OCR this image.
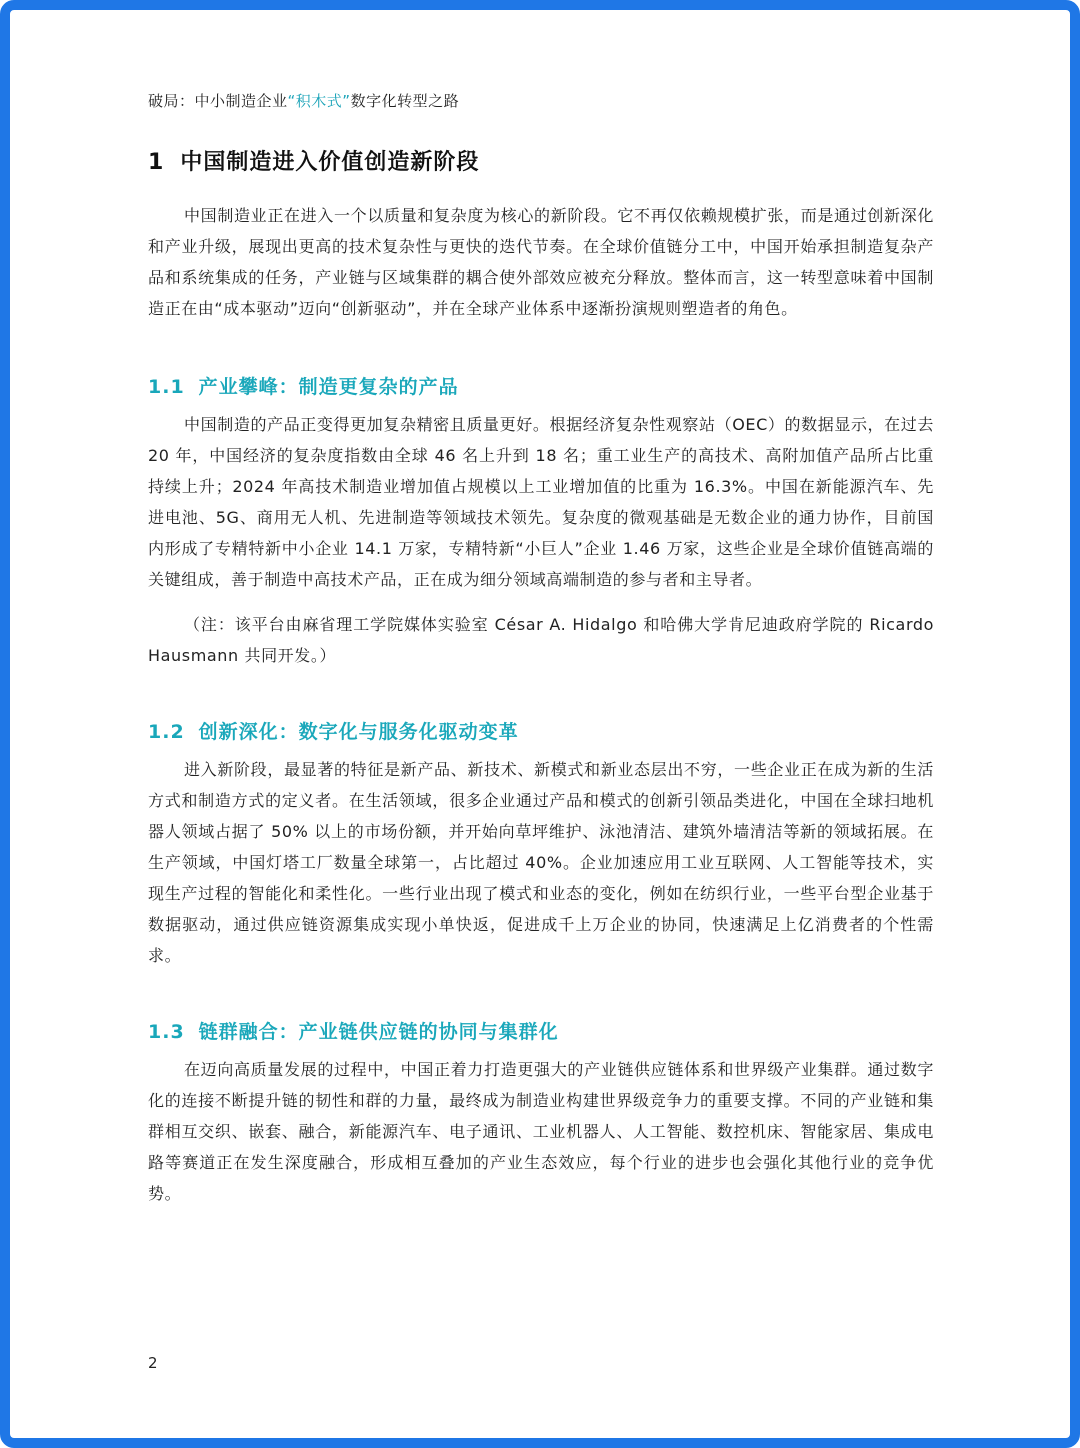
破局：中小制造企业“积木式”数字化转型之路
1 中国制造进入价值创造新阶段

中国制造业正在进入一个以质量和复杂度为核心的新阶段。它不再仅依赖规模扩张，而是通过创新深化和产业升级，展现出更高的技术复杂性与更快的迭代节奏。在全球价值链分工中，中国开始承担制造复杂产品和系统集成的任务，产业链与区域集群的耦合使外部效应被充分释放。整体而言，这一转型意味着中国制造正在由“成本驱动”迈向“创新驱动”，并在全球产业体系中逐渐扮演规则塑造者的角色。

1.1 产业攀峰：制造更复杂的产品

中国制造的产品正变得更加复杂精密且质量更好。根据经济复杂性观察站（OEC）的数据显示，在过去 20 年，中国经济的复杂度指数由全球 46 名上升到 18 名；重工业生产的高技术、高附加值产品所占比重持续上升；2024 年高技术制造业增加值占规模以上工业增加值的比重为 16.3%。中国在新能源汽车、先进电池、5G、商用无人机、先进制造等领域技术领先。复杂度的微观基础是无数企业的通力协作，目前国内形成了专精特新中小企业 14.1 万家，专精特新“小巨人”企业 1.46 万家，这些企业是全球价值链高端的关键组成，善于制造中高技术产品，正在成为细分领域高端制造的参与者和主导者。

（注：该平台由麻省理工学院媒体实验室 César A. Hidalgo 和哈佛大学肯尼迪政府学院的 Ricardo Hausmann 共同开发。）

1.2 创新深化：数字化与服务化驱动变革

进入新阶段，最显著的特征是新产品、新技术、新模式和新业态层出不穷，一些企业正在成为新的生活方式和制造方式的定义者。在生活领域，很多企业通过产品和模式的创新引领品类进化，中国在全球扫地机器人领域占据了 50% 以上的市场份额，并开始向草坪维护、泳池清洁、建筑外墙清洁等新的领域拓展。在生产领域，中国灯塔工厂数量全球第一，占比超过 40%。企业加速应用工业互联网、人工智能等技术，实现生产过程的智能化和柔性化。一些行业出现了模式和业态的变化，例如在纺织行业，一些平台型企业基于数据驱动，通过供应链资源集成实现小单快返，促进成千上万企业的协同，快速满足上亿消费者的个性需求。

1.3 链群融合：产业链供应链的协同与集群化

在迈向高质量发展的过程中，中国正着力打造更强大的产业链供应链体系和世界级产业集群。通过数字化的连接不断提升链的韧性和群的力量，最终成为制造业构建世界级竞争力的重要支撑。不同的产业链和集群相互交织、嵌套、融合，新能源汽车、电子通讯、工业机器人、人工智能、数控机床、智能家居、集成电路等赛道正在发生深度融合，形成相互叠加的产业生态效应，每个行业的进步也会强化其他行业的竞争优势。

2
